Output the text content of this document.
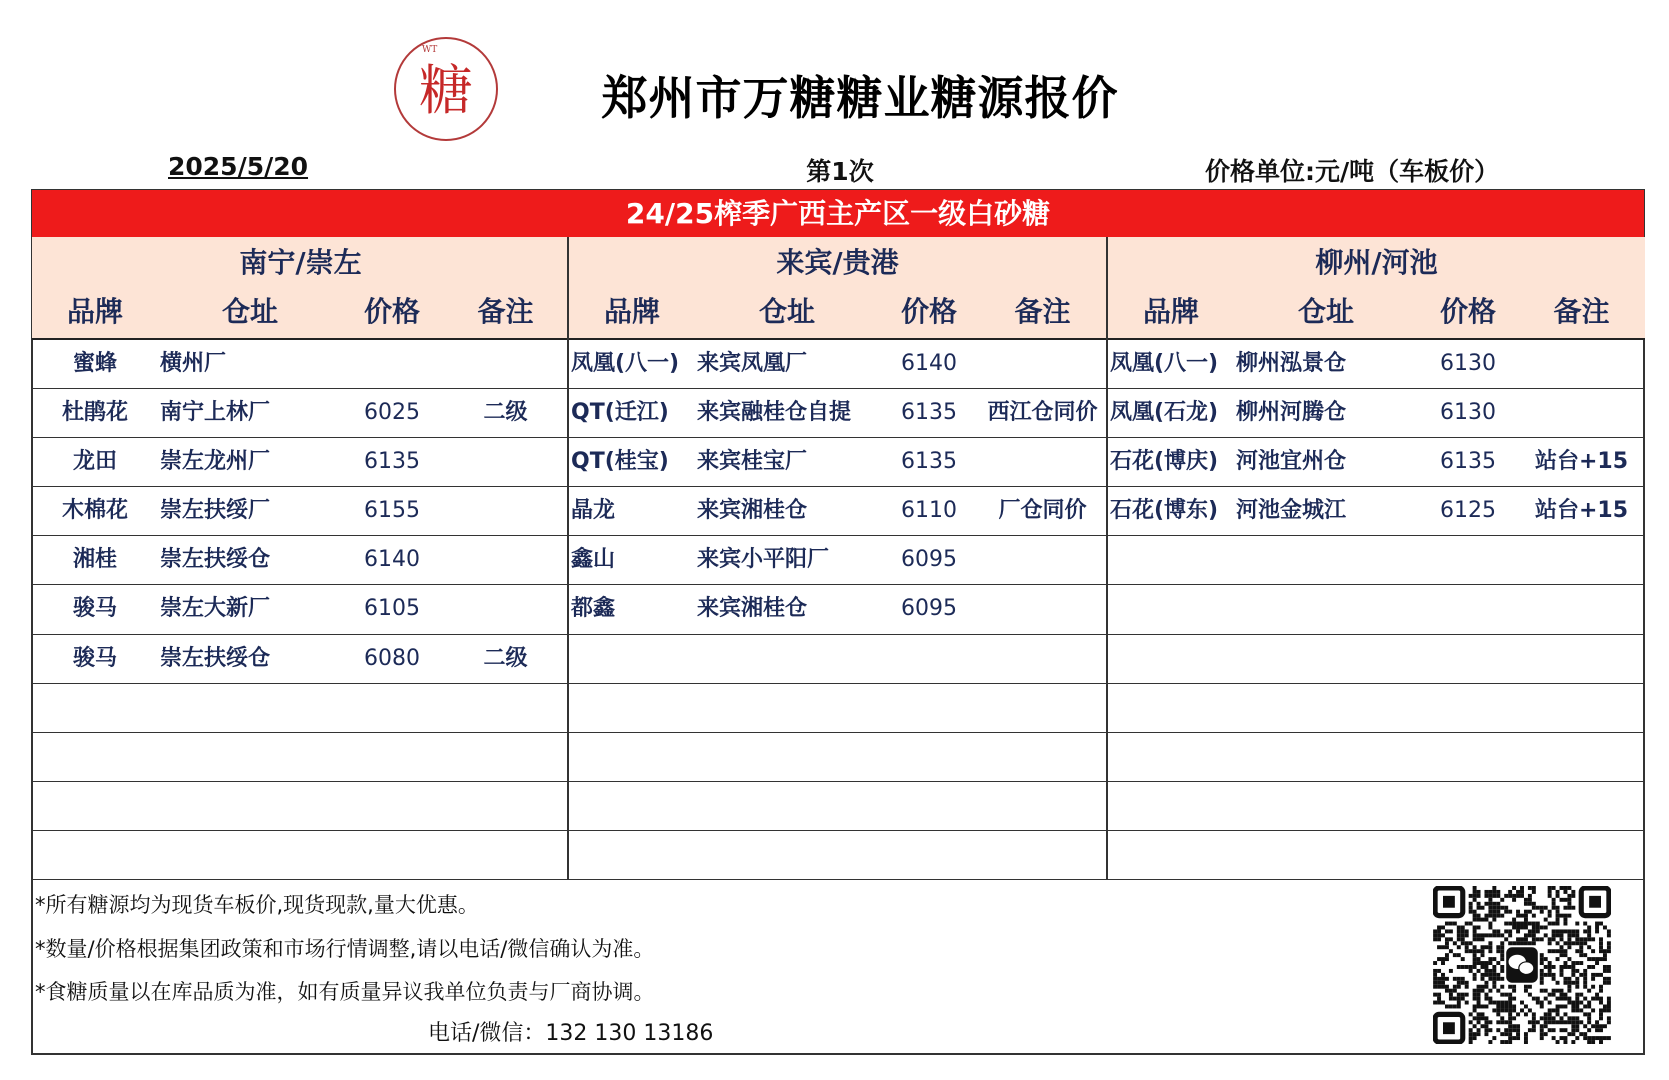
WT
糖	郑州市万糖糖业糖源报价
2025/5/20	第1次	价格单位:元/吨（车板价）
24/25榨季广西主产区一级白砂糖
南宁/崇左
品牌	仓址	价格	备注
蜜蜂	横州厂
杜鹃花	南宁上林厂	6025	二级
龙田	崇左龙州厂	6135
木棉花	崇左扶绥厂	6155
湘桂	崇左扶绥仓	6140
骏马	崇左大新厂	6105
骏马	崇左扶绥仓	6080	二级
来宾/贵港
品牌	仓址	价格	备注
凤凰(八一) 来宾凤凰厂	6140
QT(迁江)	来宾融桂仓自提	6135	西江仓同价
QT(桂宝)	来宾桂宝厂	6135
晶龙	来宾湘桂仓	6110	厂仓同价
鑫山	来宾小平阳厂	6095
都鑫	来宾湘桂仓	6095
柳州/河池
品牌	仓址	价格	备注
凤凰(八一) 柳州泓景仓	6130
凤凰(石龙) 柳州河腾仓	6130
石花(博庆) 河池宜州仓	6135	站台+15
石花(博东) 河池金城江	6125	站台+15
*所有糖源均为现货车板价,现货现款,量大优惠。
*数量/价格根据集团政策和市场行情调整,请以电话/微信确认为准。
*食糖质量以在库品质为准，如有质量异议我单位负责与厂商协调。
电话/微信：132 130 13186
